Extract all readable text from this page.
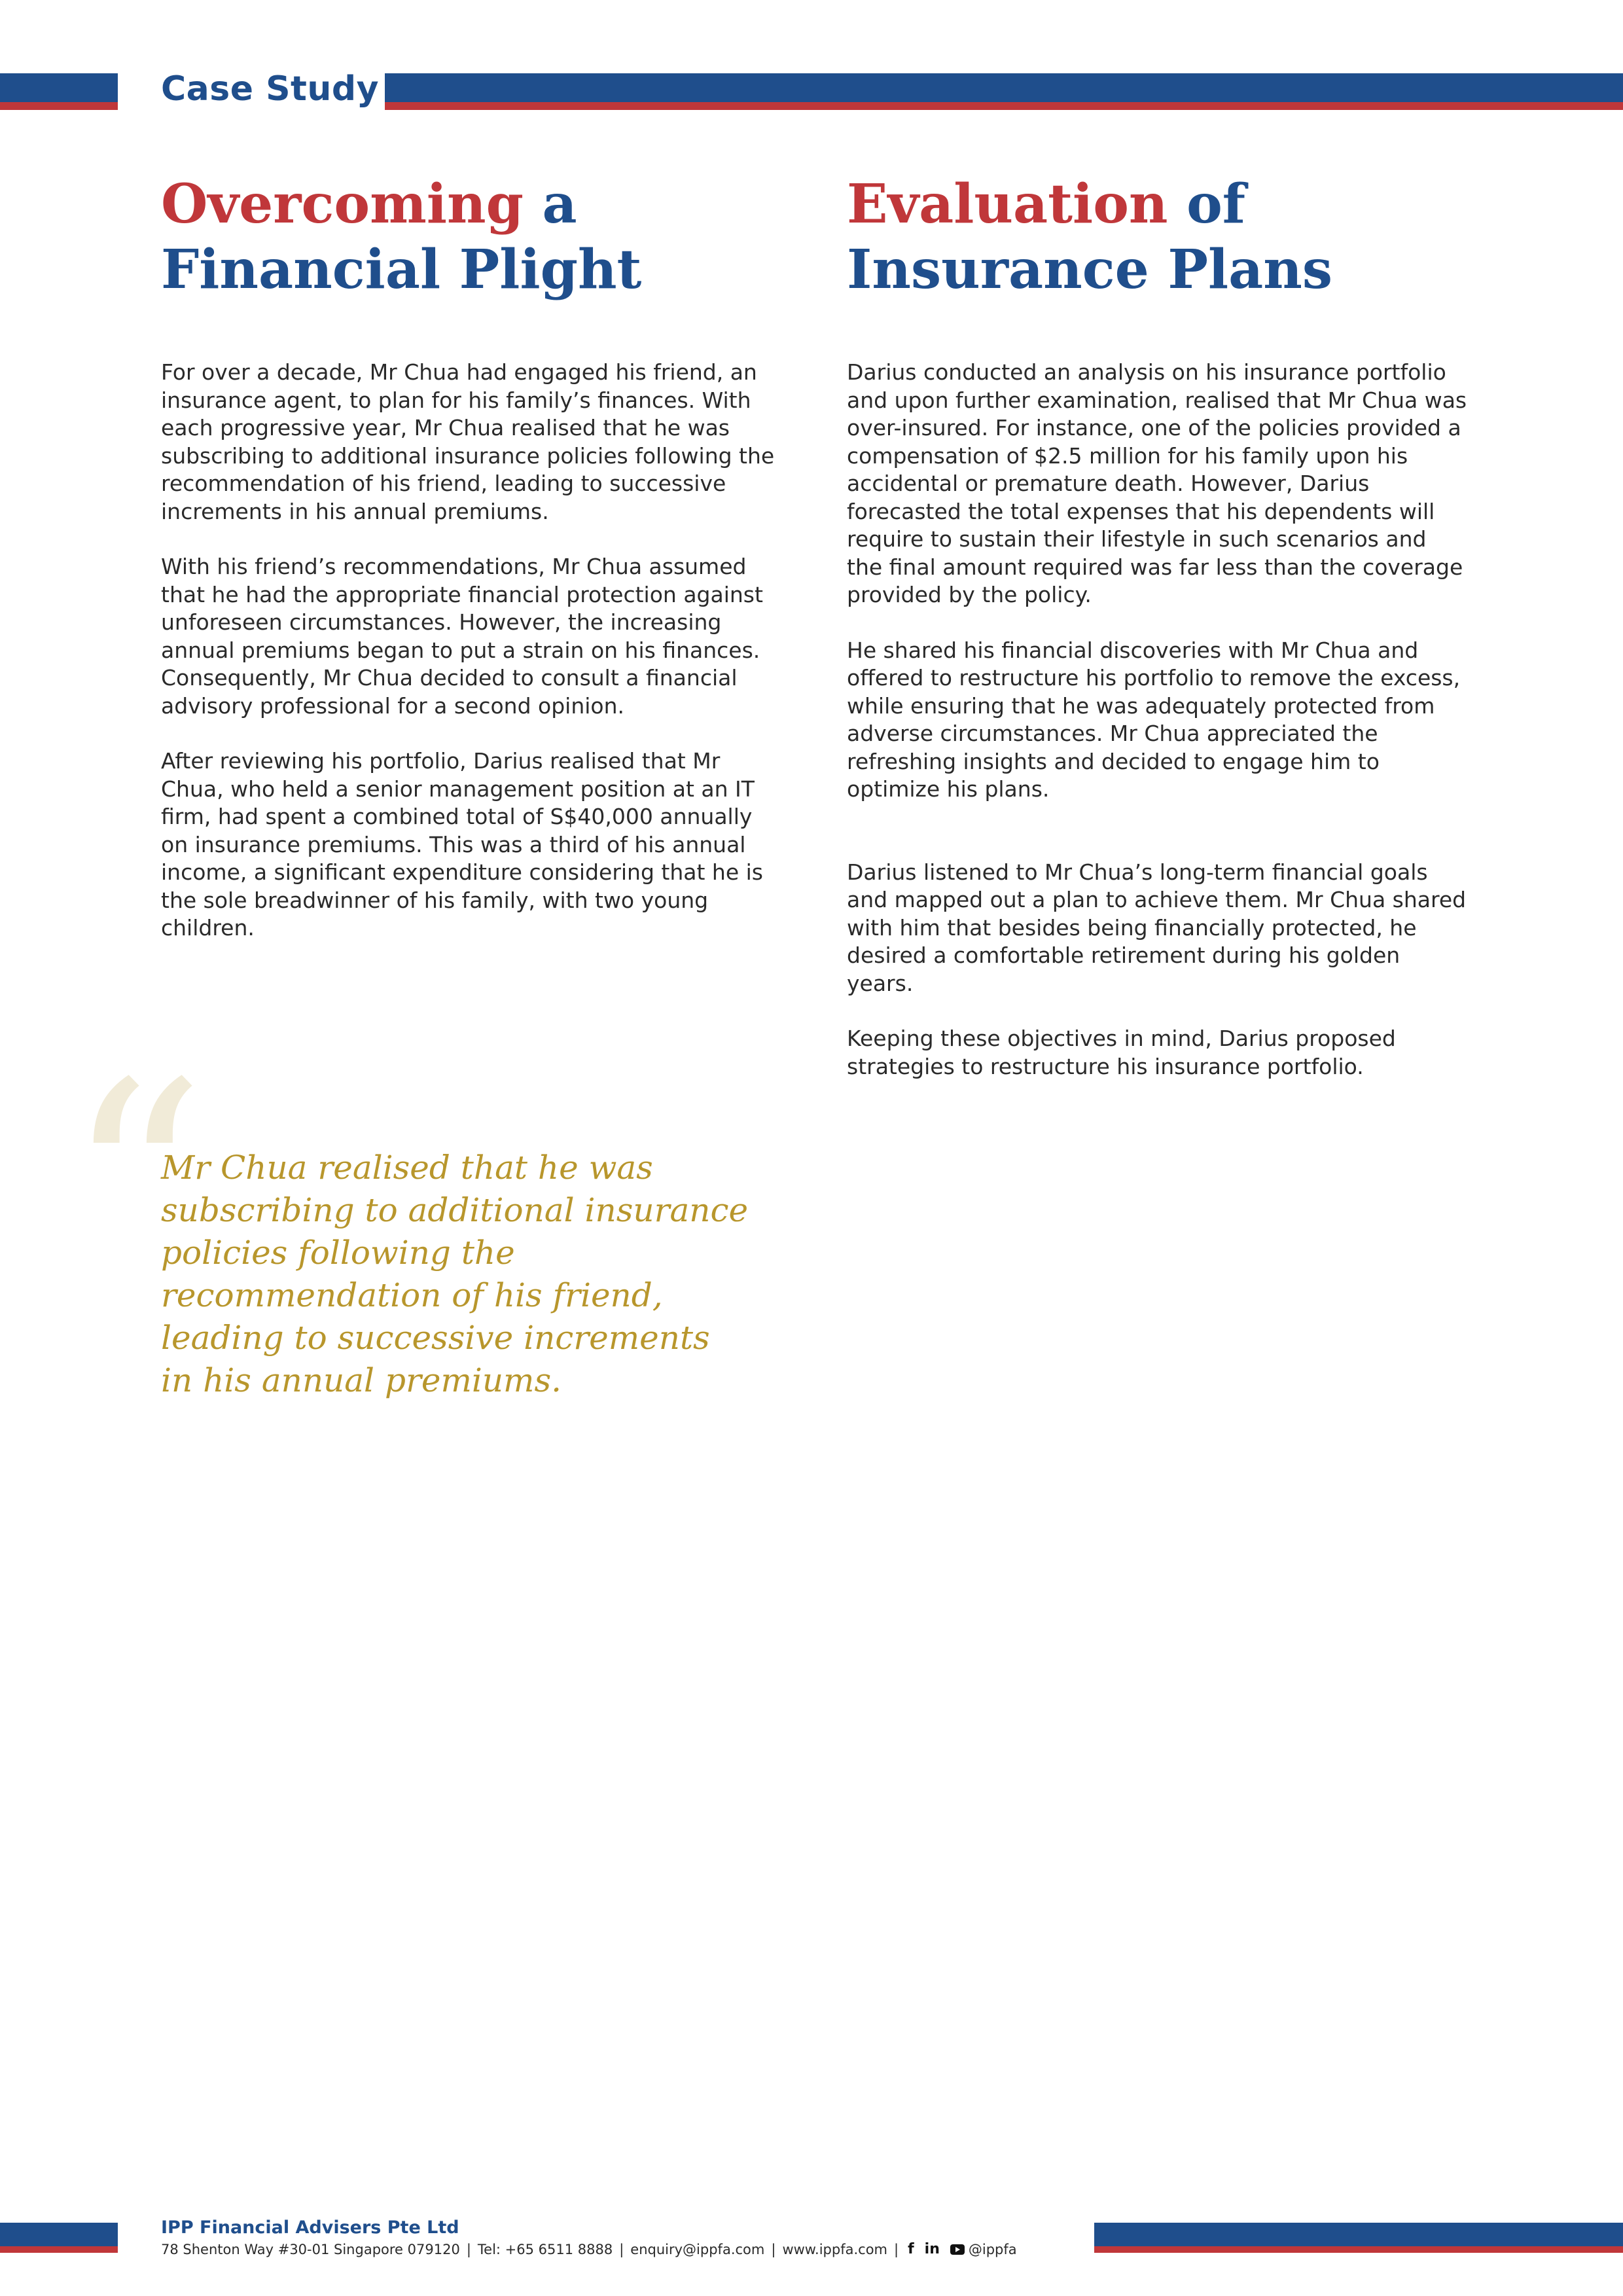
Case Study
Overcoming a Financial Plight

For over a decade, Mr Chua had engaged his friend, an insurance agent, to plan for his family’s finances. With each progressive year, Mr Chua realised that he was subscribing to additional insurance policies following the recommendation of his friend, leading to successive increments in his annual premiums.

With his friend’s recommendations, Mr Chua assumed that he had the appropriate financial protection against unforeseen circumstances. However, the increasing annual premiums began to put a strain on his finances. Consequently, Mr Chua decided to consult a financial advisory professional for a second opinion.

After reviewing his portfolio, Darius realised that Mr Chua, who held a senior management position at an IT firm, had spent a combined total of S$40,000 annually on insurance premiums. This was a third of his annual income, a significant expenditure considering that he is the sole breadwinner of his family, with two young children.

Evaluation of Insurance Plans

Darius conducted an analysis on his insurance portfolio and upon further examination, realised that Mr Chua was over-insured. For instance, one of the policies provided a compensation of $2.5 million for his family upon his accidental or premature death. However, Darius forecasted the total expenses that his dependents will require to sustain their lifestyle in such scenarios and the final amount required was far less than the coverage provided by the policy.

He shared his financial discoveries with Mr Chua and offered to restructure his portfolio to remove the excess, while ensuring that he was adequately protected from adverse circumstances. Mr Chua appreciated the refreshing insights and decided to engage him to optimize his plans.

Darius listened to Mr Chua’s long-term financial goals and mapped out a plan to achieve them. Mr Chua shared with him that besides being financially protected, he desired a comfortable retirement during his golden years.

Keeping these objectives in mind, Darius proposed strategies to restructure his insurance portfolio.

“
Mr Chua realised that he was subscribing to additional insurance policies following the recommendation of his friend, leading to successive increments in his annual premiums.
IPP Financial Advisers Pte Ltd
78 Shenton Way #30-01 Singapore 079120 | Tel: +65 6511 8888 | enquiry@ippfa.com | www.ippfa.com | f in @ippfa
